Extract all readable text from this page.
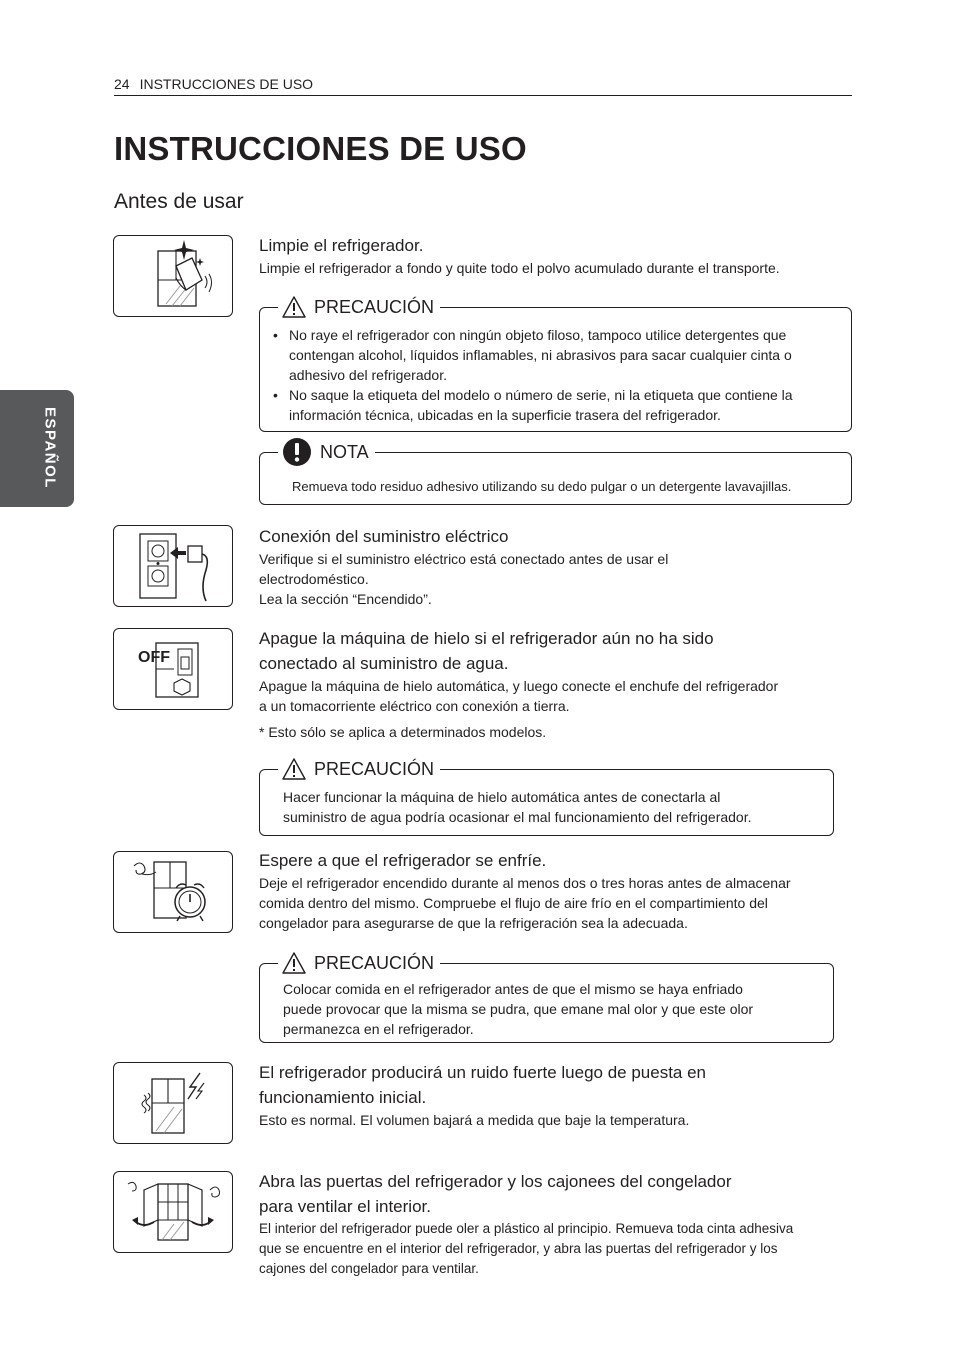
24 INSTRUCCIONES DE USO
INSTRUCCIONES DE USO
Antes de usar
ESPAÑOL

Limpie el refrigerador.

Limpie el refrigerador a fondo y quite todo el polvo acumulado durante el transporte.

PRECAUCIÓN
• No raye el refrigerador con ningún objeto filoso, tampoco utilice detergentes que
contengan alcohol, líquidos inflamables, ni abrasivos para sacar cualquier cinta o
adhesivo del refrigerador.
• No saque la etiqueta del modelo o número de serie, ni la etiqueta que contiene la
información técnica, ubicadas en la superficie trasera del refrigerador.
NOTA
Remueva todo residuo adhesivo utilizando su dedo pulgar o un detergente lavavajillas.

Conexión del suministro eléctrico

Verifique si el suministro eléctrico está conectado antes de usar el
electrodoméstico.
Lea la sección “Encendido”.

OFF

Apague la máquina de hielo si el refrigerador aún no ha sido
conectado al suministro de agua.

Apague la máquina de hielo automática, y luego conecte el enchufe del refrigerador
a un tomacorriente eléctrico con conexión a tierra.

* Esto sólo se aplica a determinados modelos.

PRECAUCIÓN
Hacer funcionar la máquina de hielo automática antes de conectarla al
suministro de agua podría ocasionar el mal funcionamiento del refrigerador.

Espere a que el refrigerador se enfríe.

Deje el refrigerador encendido durante al menos dos o tres horas antes de almacenar
comida dentro del mismo. Compruebe el flujo de aire frío en el compartimiento del
congelador para asegurarse de que la refrigeración sea la adecuada.

PRECAUCIÓN
Colocar comida en el refrigerador antes de que el mismo se haya enfriado
puede provocar que la misma se pudra, que emane mal olor y que este olor
permanezca en el refrigerador.

El refrigerador producirá un ruido fuerte luego de puesta en
funcionamiento inicial.

Esto es normal. El volumen bajará a medida que baje la temperatura.

Abra las puertas del refrigerador y los cajonees del congelador
para ventilar el interior.

El interior del refrigerador puede oler a plástico al principio. Remueva toda cinta adhesiva
que se encuentre en el interior del refrigerador, y abra las puertas del refrigerador y los
cajones del congelador para ventilar.
